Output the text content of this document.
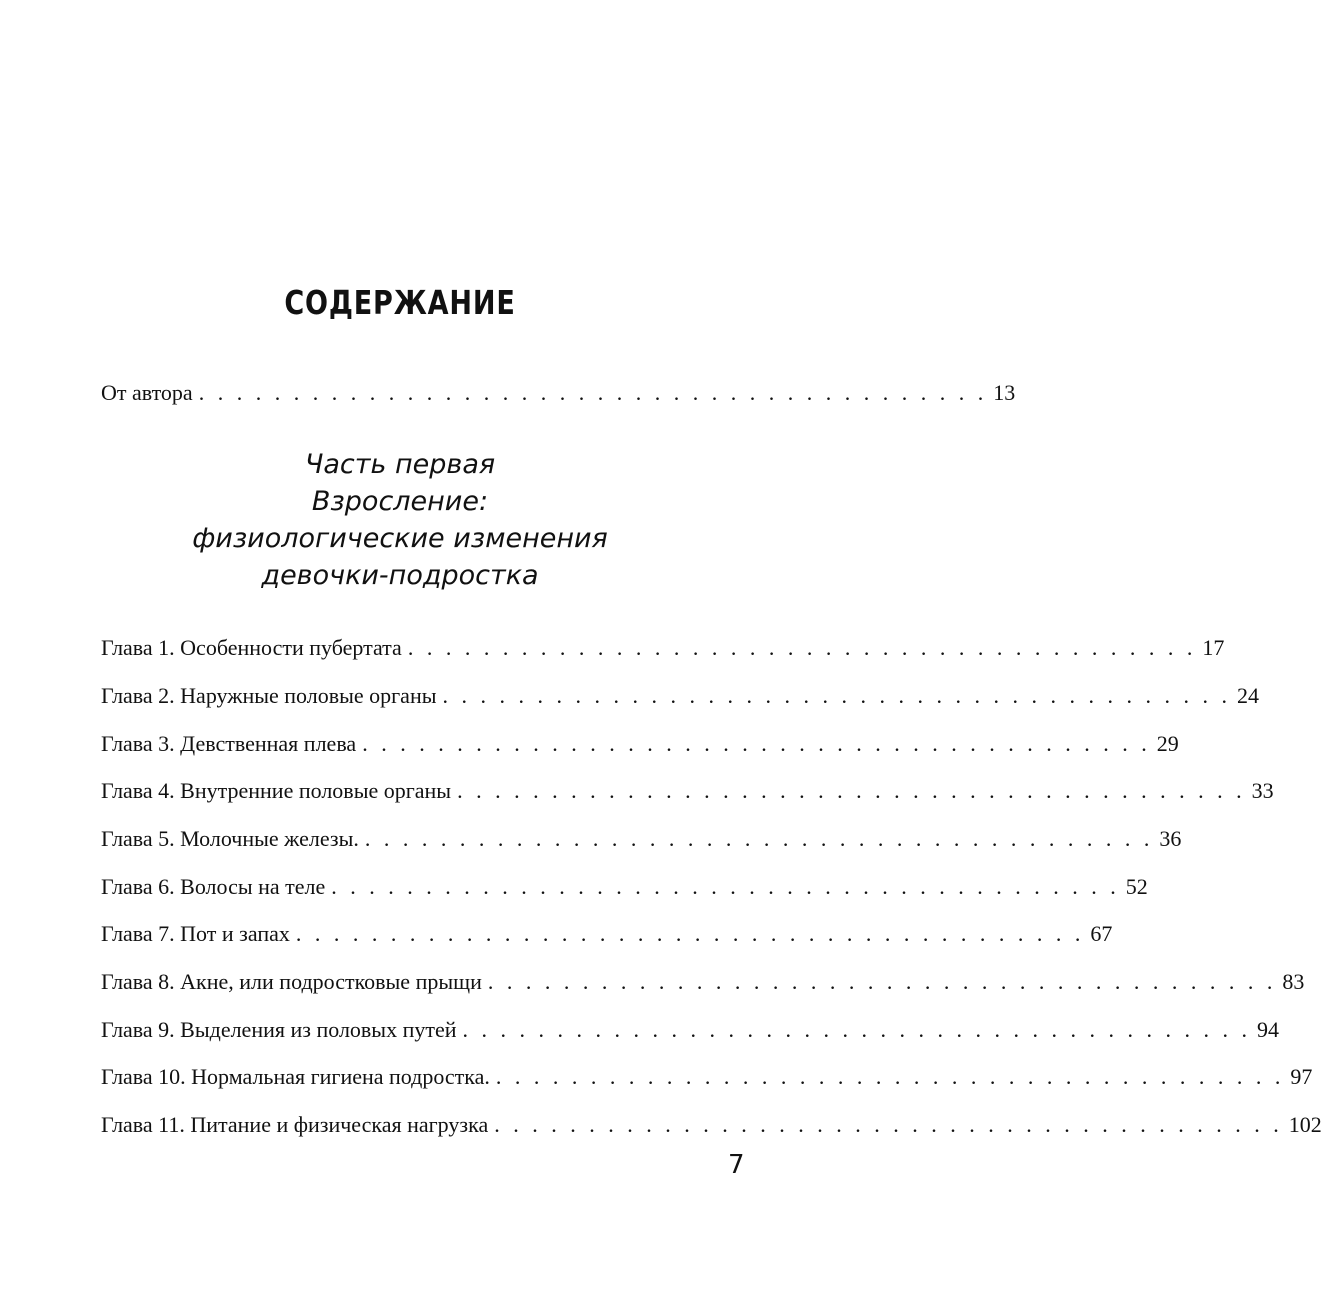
СОДЕРЖАНИЕ
От автора . . . . . . . . . . . . . . . . . . . . . . . . . . . . . . . . . . . . . . . . . . 13
Часть первая
Взросление:
физиологические изменения
девочки-подростка
Глава 1. Особенности пубертата . . . . . . . . . . . . . . . . . . . . . . . . . . . . . . . . . . . . . . . . . . 17
Глава 2. Наружные половые органы . . . . . . . . . . . . . . . . . . . . . . . . . . . . . . . . . . . . . . . . . . 24
Глава 3. Девственная плева . . . . . . . . . . . . . . . . . . . . . . . . . . . . . . . . . . . . . . . . . . 29
Глава 4. Внутренние половые органы . . . . . . . . . . . . . . . . . . . . . . . . . . . . . . . . . . . . . . . . . . 33
Глава 5. Молочные железы. . . . . . . . . . . . . . . . . . . . . . . . . . . . . . . . . . . . . . . . . . . 36
Глава 6. Волосы на теле . . . . . . . . . . . . . . . . . . . . . . . . . . . . . . . . . . . . . . . . . . 52
Глава 7. Пот и запах . . . . . . . . . . . . . . . . . . . . . . . . . . . . . . . . . . . . . . . . . . 67
Глава 8. Акне, или подростковые прыщи . . . . . . . . . . . . . . . . . . . . . . . . . . . . . . . . . . . . . . . . . . 83
Глава 9. Выделения из половых путей . . . . . . . . . . . . . . . . . . . . . . . . . . . . . . . . . . . . . . . . . . 94
Глава 10. Нормальная гигиена подростка. . . . . . . . . . . . . . . . . . . . . . . . . . . . . . . . . . . . . . . . . . . 97
Глава 11. Питание и физическая нагрузка . . . . . . . . . . . . . . . . . . . . . . . . . . . . . . . . . . . . . . . . . . 102
7
